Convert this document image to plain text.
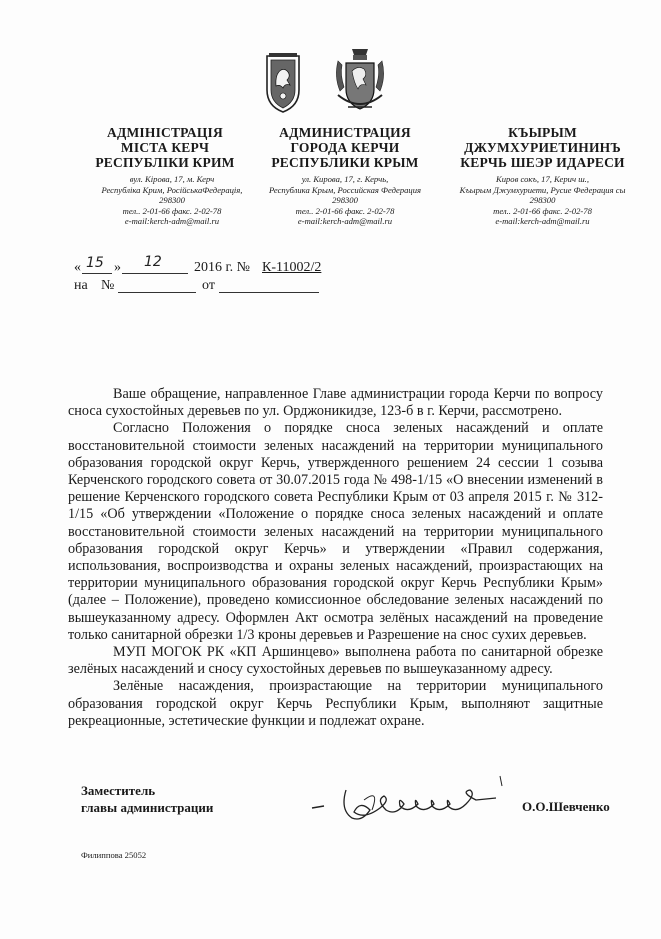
АДМІНІСТРАЦІЯ
МІСТА КЕРЧ
РЕСПУБЛІКИ КРИМ
вул. Кірова, 17, м. Керч
Республіка Крим, РосійськаФедерація,
298300
тел.. 2-01-66 факс. 2-02-78
e-mail:kerch-adm@mail.ru
АДМИНИСТРАЦИЯ
ГОРОДА КЕРЧИ
РЕСПУБЛИКИ КРЫМ
ул. Кирова, 17, г. Керчь,
Республика Крым, Российская Федерация
298300
тел.. 2-01-66 факс. 2-02-78
e-mail:kerch-adm@mail.ru
КЪЫРЫМ
ДЖУМХУРИЕТИНИНЪ
КЕРЧЬ ШЕЭР ИДАРЕСИ
Киров сокъ, 17, Керич ш.,
Къырым Джумхуриети, Русие Федерация сы
298300
тел.. 2-01-66 факс. 2-02-78
e-mail:kerch-adm@mail.ru
« 15 » 12 2016 г. № К-11002/2
на №	от

Ваше обращение, направленное Главе администрации города Керчи по вопросу сноса сухостойных деревьев по ул. Орджоникидзе, 123-б в г. Керчи, рассмотрено.

Согласно Положения о порядке сноса зеленых насаждений и оплате восстановительной стоимости зеленых насаждений на территории муниципального образования городской округ Керчь, утвержденного решением 24 сессии 1 созыва Керченского городского совета от 30.07.2015 года № 498-1/15 «О внесении изменений в решение Керченского городского совета Республики Крым от 03 апреля 2015 г. № 312-1/15 «Об утверждении «Положение о порядке сноса зеленых насаждений и оплате восстановительной стоимости зеленых насаждений на территории муниципального образования городской округ Керчь» и утверждении «Правил содержания, использования, воспроизводства и охраны зеленых насаждений, произрастающих на территории муниципального образования городской округ Керчь Республики Крым» (далее – Положение), проведено комиссионное обследование зеленых насаждений по вышеуказанному адресу. Оформлен Акт осмотра зелёных насаждений на проведение только санитарной обрезки 1/3 кроны деревьев и Разрешение на снос сухих деревьев.

МУП МОГОК РК «КП Аршинцево» выполнена работа по санитарной обрезке зелёных насаждений и сносу сухостойных деревьев по вышеуказанному адресу.

Зелёные насаждения, произрастающие на территории муниципального образования городской округ Керчь Республики Крым, выполняют защитные рекреационные, эстетические функции и подлежат охране.

Заместитель
главы администрации	О.О.Шевченко
Филиппова 25052
